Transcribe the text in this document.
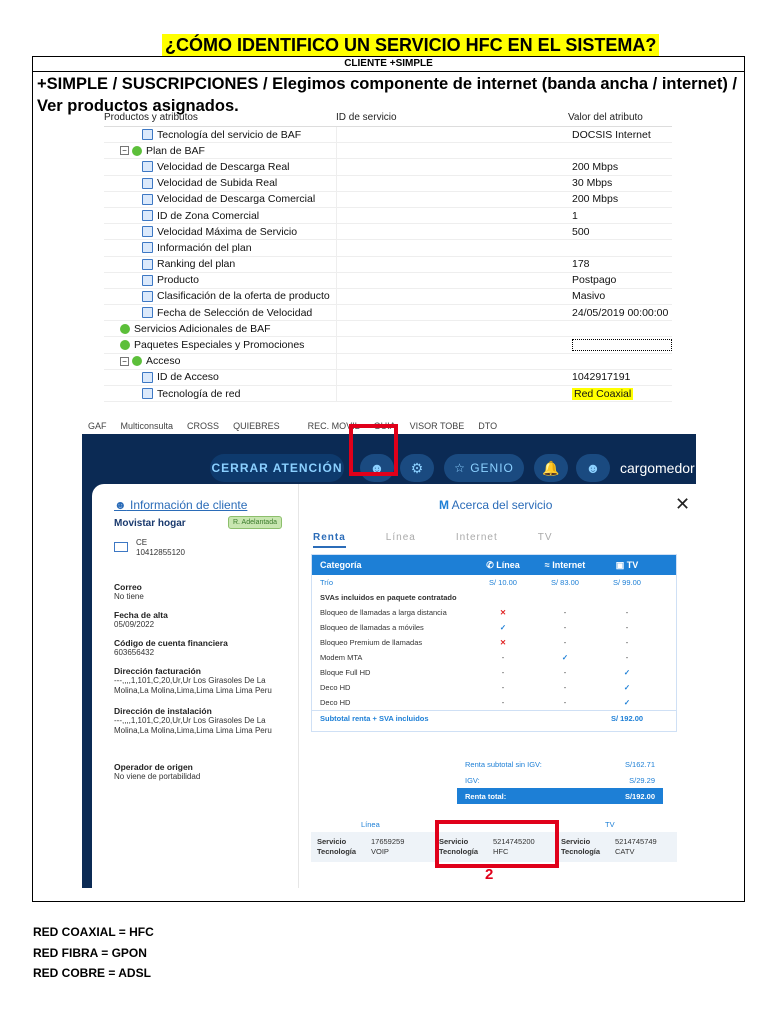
¿CÓMO IDENTIFICO UN SERVICIO HFC EN EL SISTEMA?
CLIENTE +SIMPLE
+SIMPLE / SUSCRIPCIONES / Elegimos componente de internet (banda ancha / internet) / Ver productos asignados.
Productos y atributos	ID de servicio	Valor del atributo
Tecnología del servicio de BAF	DOCSIS Internet
− Plan de BAF
Velocidad de Descarga Real	200 Mbps
Velocidad de Subida Real	30 Mbps
Velocidad de Descarga Comercial	200 Mbps
ID de Zona Comercial	1
Velocidad Máxima de Servicio	500
Información del plan
Ranking del plan	178
Producto	Postpago
Clasificación de la oferta de producto	Masivo
Fecha de Selección de Velocidad	24/05/2019 00:00:00
Servicios Adicionales de BAF
Paquetes Especiales y Promociones
− Acceso
ID de Acceso	1042917191
Tecnología de red	Red Coaxial
GAF Multiconsulta CROSS QUIEBRES	REC. MOVIL GUIA VISOR TOBE DTO
CERRAR ATENCIÓN	☻	⚙	☆ GENIO	🔔	☻	cargomedor
☻ Información de cliente
Movistar hogar	R. Adelantada
CE
10412855120
Correo
No tiene
Fecha de alta
05/09/2022
Código de cuenta financiera
603656432
Dirección facturación
---,,,,1,101,C,20,Ur,Ur Los Girasoles De La Molina,La Molina,Lima,Lima Lima Lima Peru
Dirección de instalación
---,,,,1,101,C,20,Ur,Ur Los Girasoles De La Molina,La Molina,Lima,Lima Lima Lima Peru
Operador de origen
No viene de portabilidad
M Acerca del servicio	✕
Renta	Línea	Internet	TV
Categoría	✆ Línea	≈ Internet	▣ TV
Trío	S/ 10.00	S/ 83.00	S/ 99.00
SVAs incluidos en paquete contratado
Bloqueo de llamadas a larga distancia	✕	-	-
Bloqueo de llamadas a móviles	✓	-	-
Bloqueo Premium de llamadas	✕	-	-
Modem MTA	-	✓	-
Bloque Full HD	-	-	✓
Deco HD	-	-	✓
Deco HD	-	-	✓
Subtotal renta + SVA incluidos	S/ 192.00
Renta subtotal sin IGV:	S/162.71
IGV:	S/29.29
Renta total:	S/192.00
Línea	TV
Servicio	17659259
Tecnología VOIP
Servicio	5214745200
Tecnología HFC
Servicio	5214745749
Tecnología CATV
2
RED COAXIAL = HFC
RED FIBRA = GPON
RED COBRE = ADSL
